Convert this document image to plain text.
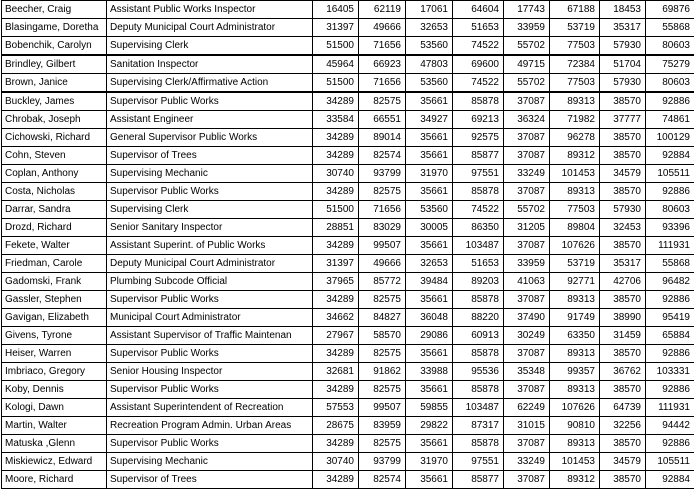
Beecher, Craig	Assistant Public Works Inspector	16405	62119	17061	64604	17743	67188	18453	69876
Blasingame, Doretha	Deputy Municipal Court Administrator	31397	49666	32653	51653	33959	53719	35317	55868
Bobenchik, Carolyn	Supervising Clerk	51500	71656	53560	74522	55702	77503	57930	80603
Brindley, Gilbert	Sanitation Inspector	45964	66923	47803	69600	49715	72384	51704	75279
Brown, Janice	Supervising Clerk/Affirmative Action	51500	71656	53560	74522	55702	77503	57930	80603
Buckley, James	Supervisor Public Works	34289	82575	35661	85878	37087	89313	38570	92886
Chrobak, Joseph	Assistant Engineer	33584	66551	34927	69213	36324	71982	37777	74861
Cichowski, Richard	General Supervisor Public Works	34289	89014	35661	92575	37087	96278	38570	100129
Cohn, Steven	Supervisor of Trees	34289	82574	35661	85877	37087	89312	38570	92884
Coplan, Anthony	Supervising Mechanic	30740	93799	31970	97551	33249	101453	34579	105511
Costa, Nicholas	Supervisor Public Works	34289	82575	35661	85878	37087	89313	38570	92886
Darrar, Sandra	Supervising Clerk	51500	71656	53560	74522	55702	77503	57930	80603
Drozd, Richard	Senior Sanitary Inspector	28851	83029	30005	86350	31205	89804	32453	93396
Fekete, Walter	Assistant Superint. of Public Works	34289	99507	35661	103487	37087	107626	38570	111931
Friedman, Carole	Deputy Municipal Court Administrator	31397	49666	32653	51653	33959	53719	35317	55868
Gadomski, Frank	Plumbing Subcode Official	37965	85772	39484	89203	41063	92771	42706	96482
Gassler, Stephen	Supervisor Public Works	34289	82575	35661	85878	37087	89313	38570	92886
Gavigan, Elizabeth	Municipal Court Administrator	34662	84827	36048	88220	37490	91749	38990	95419
Givens, Tyrone	Assistant Supervisor of Traffic Maintenan	27967	58570	29086	60913	30249	63350	31459	65884
Heiser, Warren	Supervisor Public Works	34289	82575	35661	85878	37087	89313	38570	92886
Imbriaco, Gregory	Senior Housing Inspector	32681	91862	33988	95536	35348	99357	36762	103331
Koby, Dennis	Supervisor Public Works	34289	82575	35661	85878	37087	89313	38570	92886
Kologi, Dawn	Assistant Superintendent of Recreation	57553	99507	59855	103487	62249	107626	64739	111931
Martin, Walter	Recreation Program Admin. Urban Areas	28675	83959	29822	87317	31015	90810	32256	94442
Matuska ,Glenn	Supervisor Public Works	34289	82575	35661	85878	37087	89313	38570	92886
Miskiewicz, Edward	Supervising Mechanic	30740	93799	31970	97551	33249	101453	34579	105511
Moore, Richard	Supervisor of Trees	34289	82574	35661	85877	37087	89312	38570	92884
